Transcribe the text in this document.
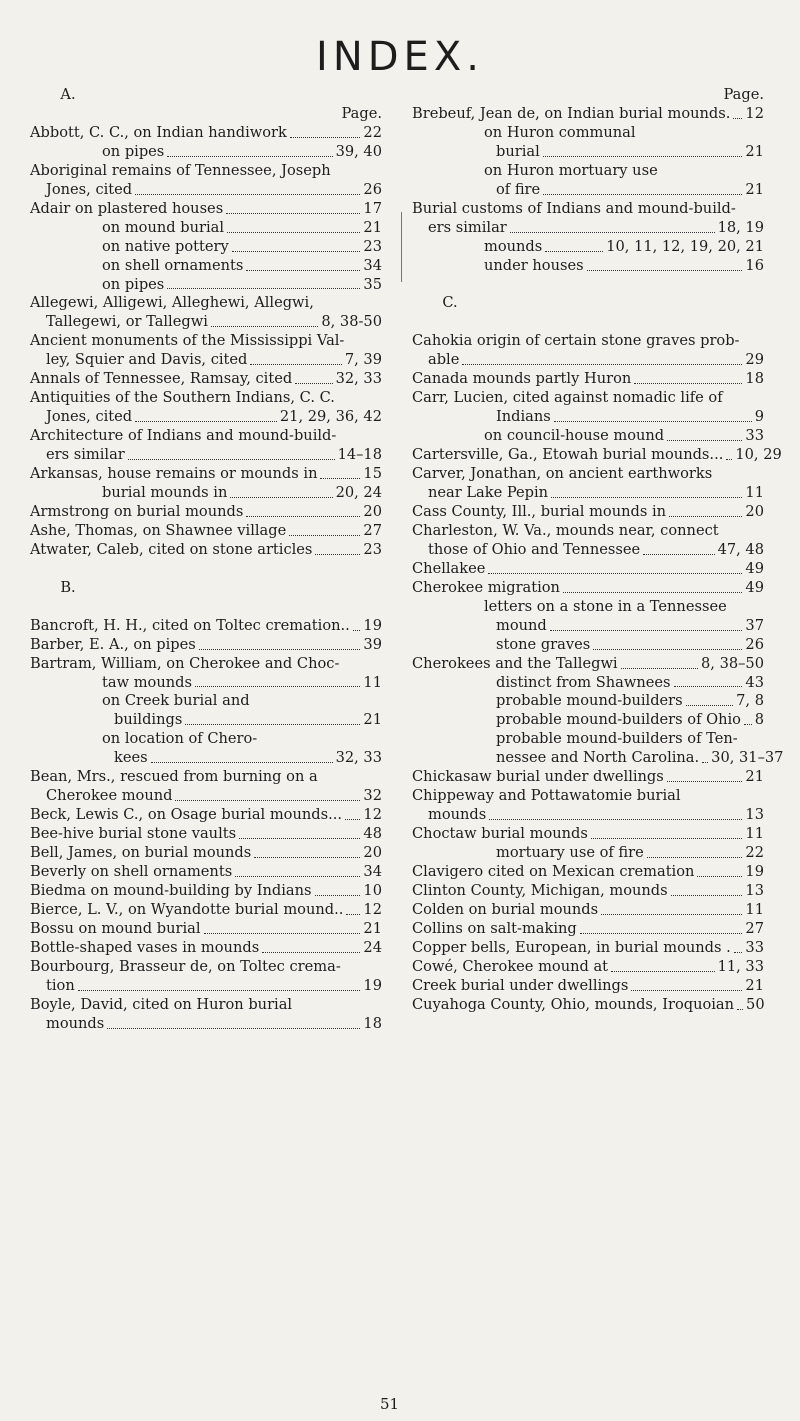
INDEX.
A.
Page.
Abbott, C. C., on Indian handiwork	22
on pipes	39, 40
Aboriginal remains of Tennessee, Joseph
Jones, cited	26
Adair on plastered houses	17
on mound burial	21
on native pottery	23
on shell ornaments	34
on pipes	35
Allegewi, Alligewi, Alleghewi, Allegwi,
Tallegewi, or Tallegwi	8, 38-50
Ancient monuments of the Mississippi Val-
ley, Squier and Davis, cited	7, 39
Annals of Tennessee, Ramsay, cited	32, 33
Antiquities of the Southern Indians, C. C.
Jones, cited	21, 29, 36, 42
Architecture of Indians and mound-build-
ers similar	14–18
Arkansas, house remains or mounds in	15
burial mounds in	20, 24
Armstrong on burial mounds	20
Ashe, Thomas, on Shawnee village	27
Atwater, Caleb, cited on stone articles	23
B.
Bancroft, H. H., cited on Toltec cremation.. 19
Barber, E. A., on pipes	39
Bartram, William, on Cherokee and Choc-
taw mounds	11
on Creek burial and
buildings	21
on location of Chero-
kees	32, 33
Bean, Mrs., rescued from burning on a
Cherokee mound	32
Beck, Lewis C., on Osage burial mounds... 12
Bee-hive burial stone vaults	48
Bell, James, on burial mounds	20
Beverly on shell ornaments	34
Biedma on mound-building by Indians	10
Bierce, L. V., on Wyandotte burial mound.. 12
Bossu on mound burial	21
Bottle-shaped vases in mounds	24
Bourbourg, Brasseur de, on Toltec crema-
tion	19
Boyle, David, cited on Huron burial
mounds	18
Page.
Brebeuf, Jean de, on Indian burial mounds. 12
on Huron communal
burial	21
on Huron mortuary use
of fire	21
Burial customs of Indians and mound-build-
ers similar	18, 19
mounds	10, 11, 12, 19, 20, 21
under houses	16
C.
Cahokia origin of certain stone graves prob-
able	29
Canada mounds partly Huron	18
Carr, Lucien, cited against nomadic life of
Indians	9
on council-house mound	33
Cartersville, Ga., Etowah burial mounds... 10, 29
Carver, Jonathan, on ancient earthworks
near Lake Pepin	11
Cass County, Ill., burial mounds in	20
Charleston, W. Va., mounds near, connect
those of Ohio and Tennessee	47, 48
Chellakee	49
Cherokee migration	49
letters on a stone in a Tennessee
mound	37
stone graves	26
Cherokees and the Tallegwi	8, 38–50
distinct from Shawnees	43
probable mound-builders	7, 8
probable mound-builders of Ohio 8
probable mound-builders of Ten-
nessee and North Carolina. 30, 31–37
Chickasaw burial under dwellings	21
Chippeway and Pottawatomie burial
mounds	13
Choctaw burial mounds	11
mortuary use of fire	22
Clavigero cited on Mexican cremation	19
Clinton County, Michigan, mounds	13
Colden on burial mounds	11
Collins on salt-making	27
Copper bells, European, in burial mounds . 33
Cowé, Cherokee mound at	11, 33
Creek burial under dwellings	21
Cuyahoga County, Ohio, mounds, Iroquoian 50
51
